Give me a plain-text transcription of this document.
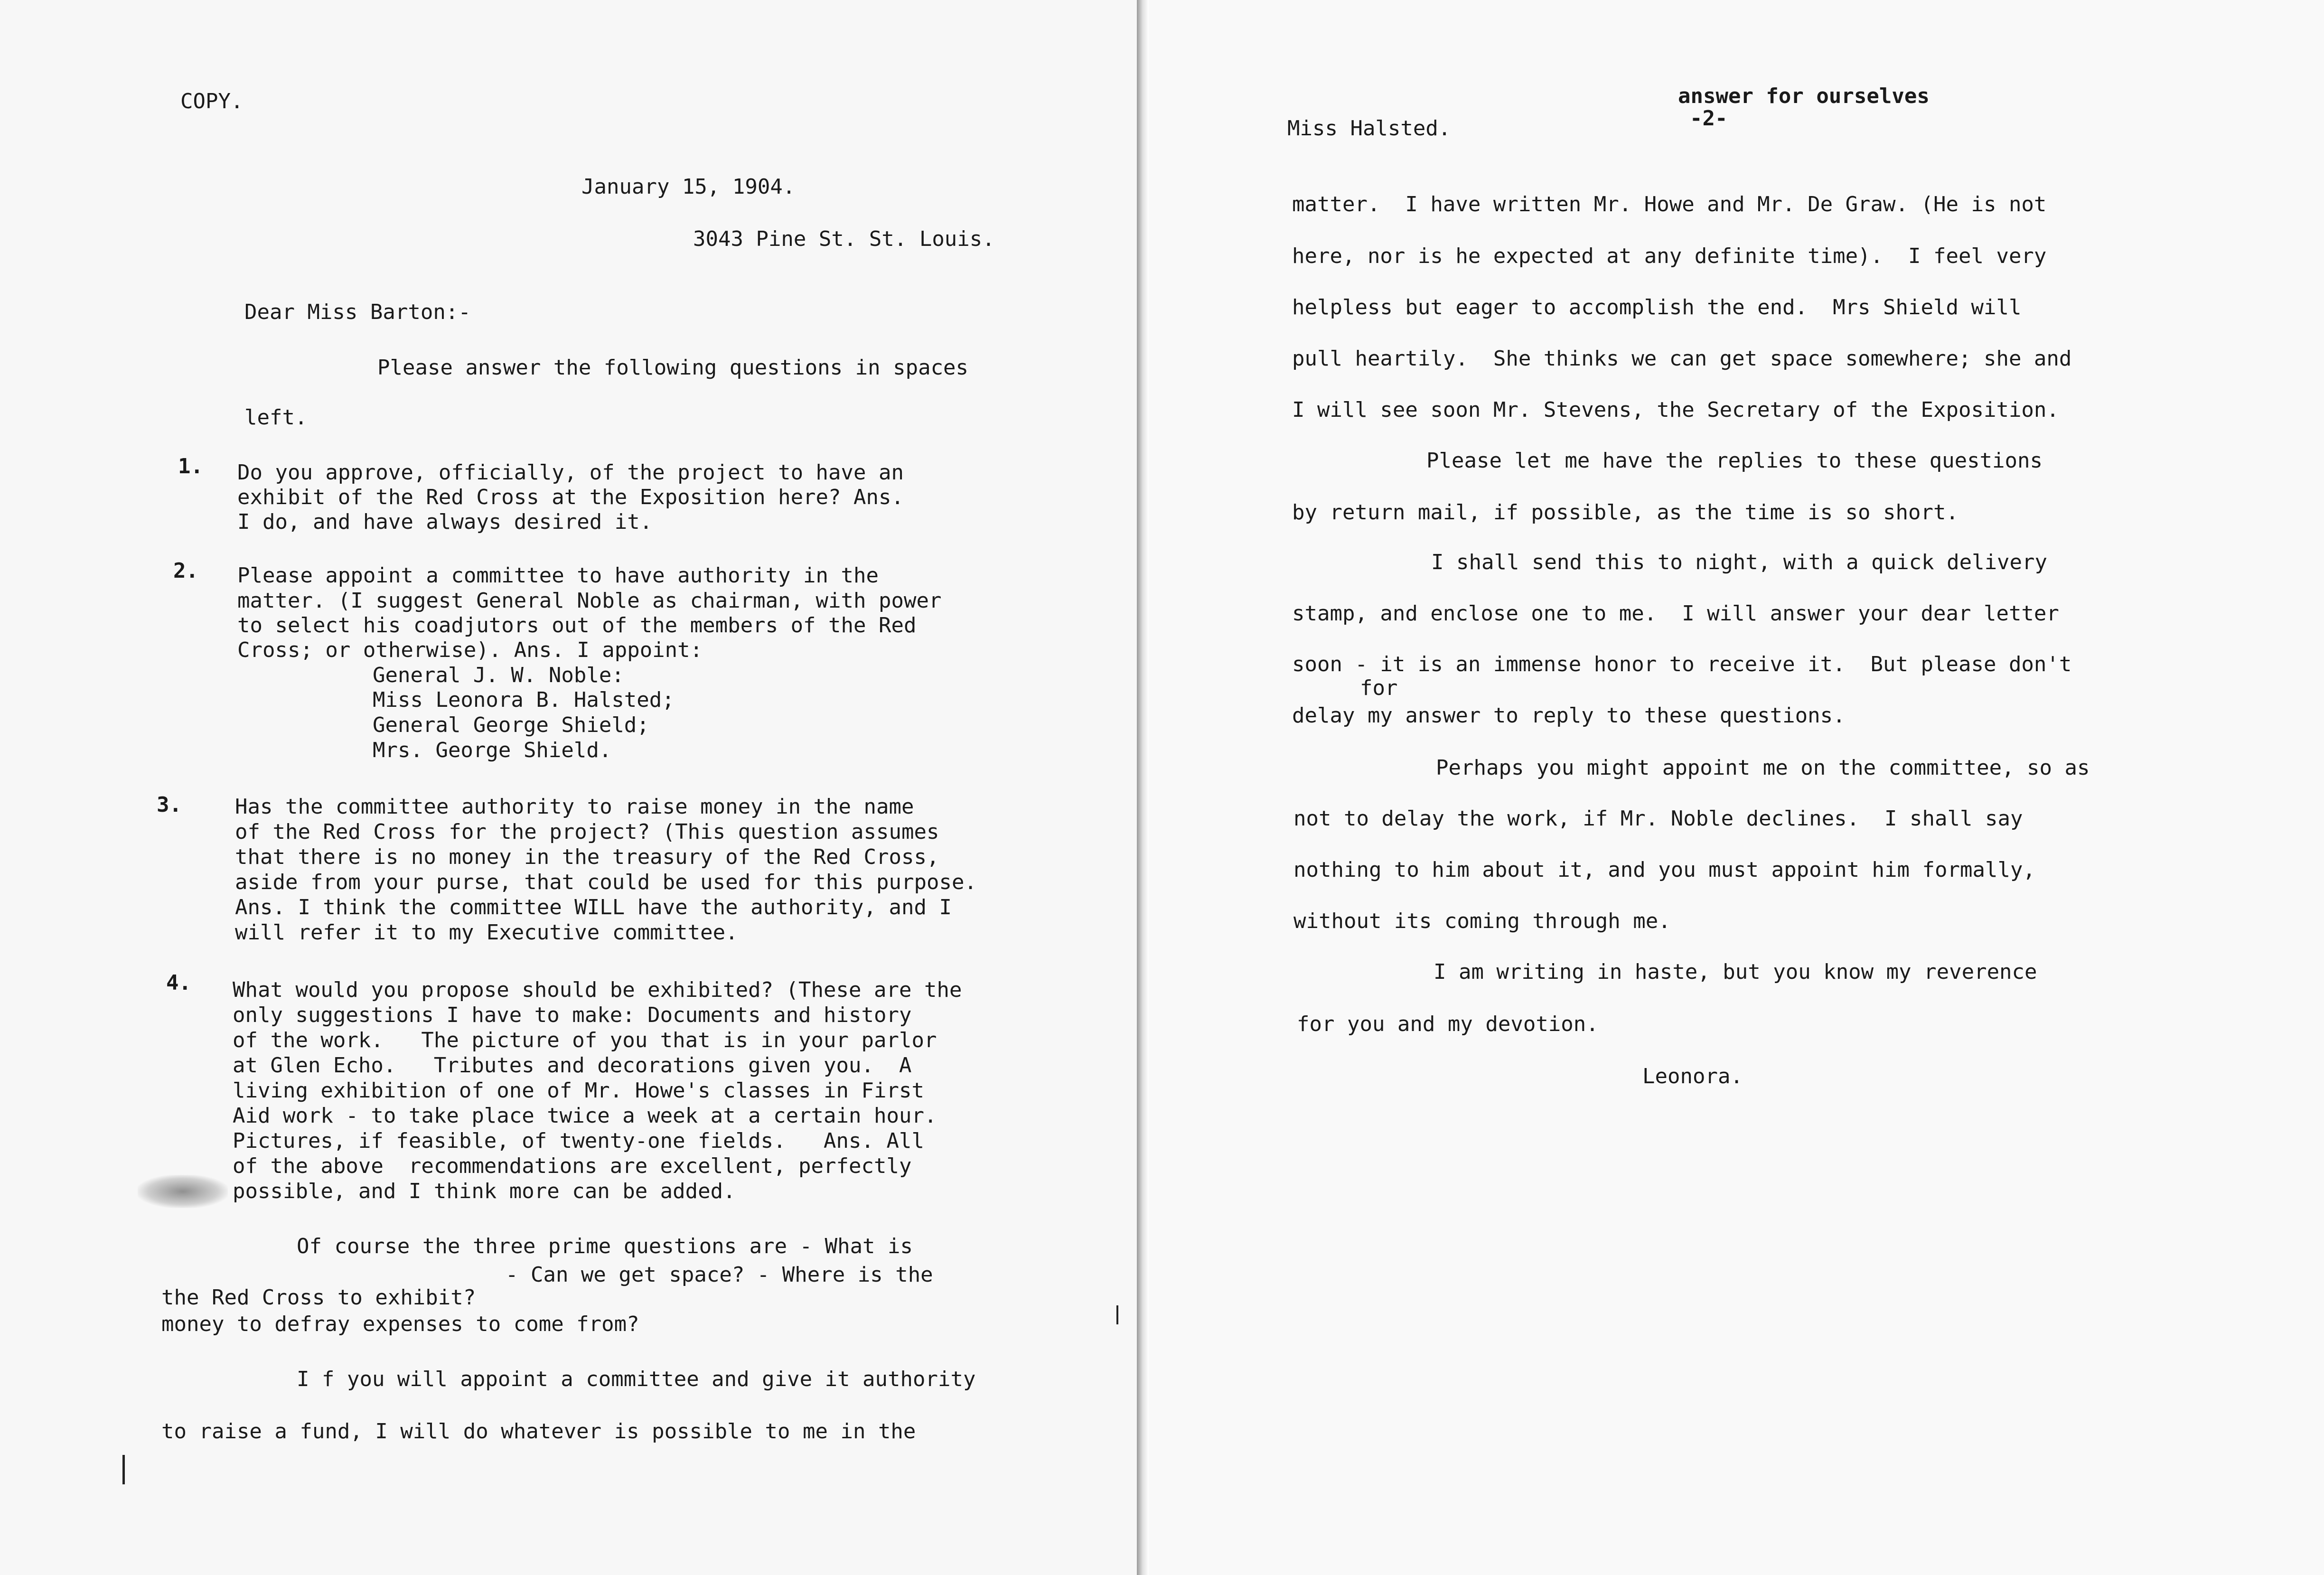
COPY.

January 15, 1904.

3043 Pine St. St. Louis.

Dear Miss Barton:-

Please answer the following questions in spaces

left.

1. Do you approve, officially, of the project to have an

exhibit of the Red Cross at the Exposition here? Ans.

I do, and have always desired it.

2. Please appoint a committee to have authority in the

matter. (I suggest General Noble as chairman, with power

to select his coadjutors out of the members of the Red

Cross; or otherwise). Ans. I appoint:

General J. W. Noble:

Miss Leonora B. Halsted;

General George Shield;

Mrs. George Shield.

3.	Has the committee authority to raise money in the name

of the Red Cross for the project? (This question assumes

that there is no money in the treasury of the Red Cross,

aside from your purse, that could be used for this purpose.

Ans. I think the committee WILL have the authority, and I

will refer it to my Executive committee.

4. What would you propose should be exhibited? (These are the

only suggestions I have to make: Documents and history

of the work.   The picture of you that is in your parlor

at Glen Echo.   Tributes and decorations given you.  A

living exhibition of one of Mr. Howe's classes in First

Aid work - to take place twice a week at a certain hour.

Pictures, if feasible, of twenty-one fields.   Ans. All

of the above  recommendations are excellent, perfectly

possible, and I think more can be added.

Of course the three prime questions are - What is

- Can we get space? - Where is the

the Red Cross to exhibit?

money to defray expenses to come from?

I f you will appoint a committee and give it authority

to raise a fund, I will do whatever is possible to me in the

answer for ourselves

-2-

Miss Halsted.

matter.  I have written Mr. Howe and Mr. De Graw. (He is not

here, nor is he expected at any definite time).  I feel very

helpless but eager to accomplish the end.  Mrs Shield will

pull heartily.  She thinks we can get space somewhere; she and

I will see soon Mr. Stevens, the Secretary of the Exposition.

Please let me have the replies to these questions

by return mail, if possible, as the time is so short.

I shall send this to night, with a quick delivery

stamp, and enclose one to me.  I will answer your dear letter

soon - it is an immense honor to receive it.  But please don't

for

delay my answer to reply to these questions.

Perhaps you might appoint me on the committee, so as

not to delay the work, if Mr. Noble declines.  I shall say

nothing to him about it, and you must appoint him formally,

without its coming through me.

I am writing in haste, but you know my reverence

for you and my devotion.

Leonora.
